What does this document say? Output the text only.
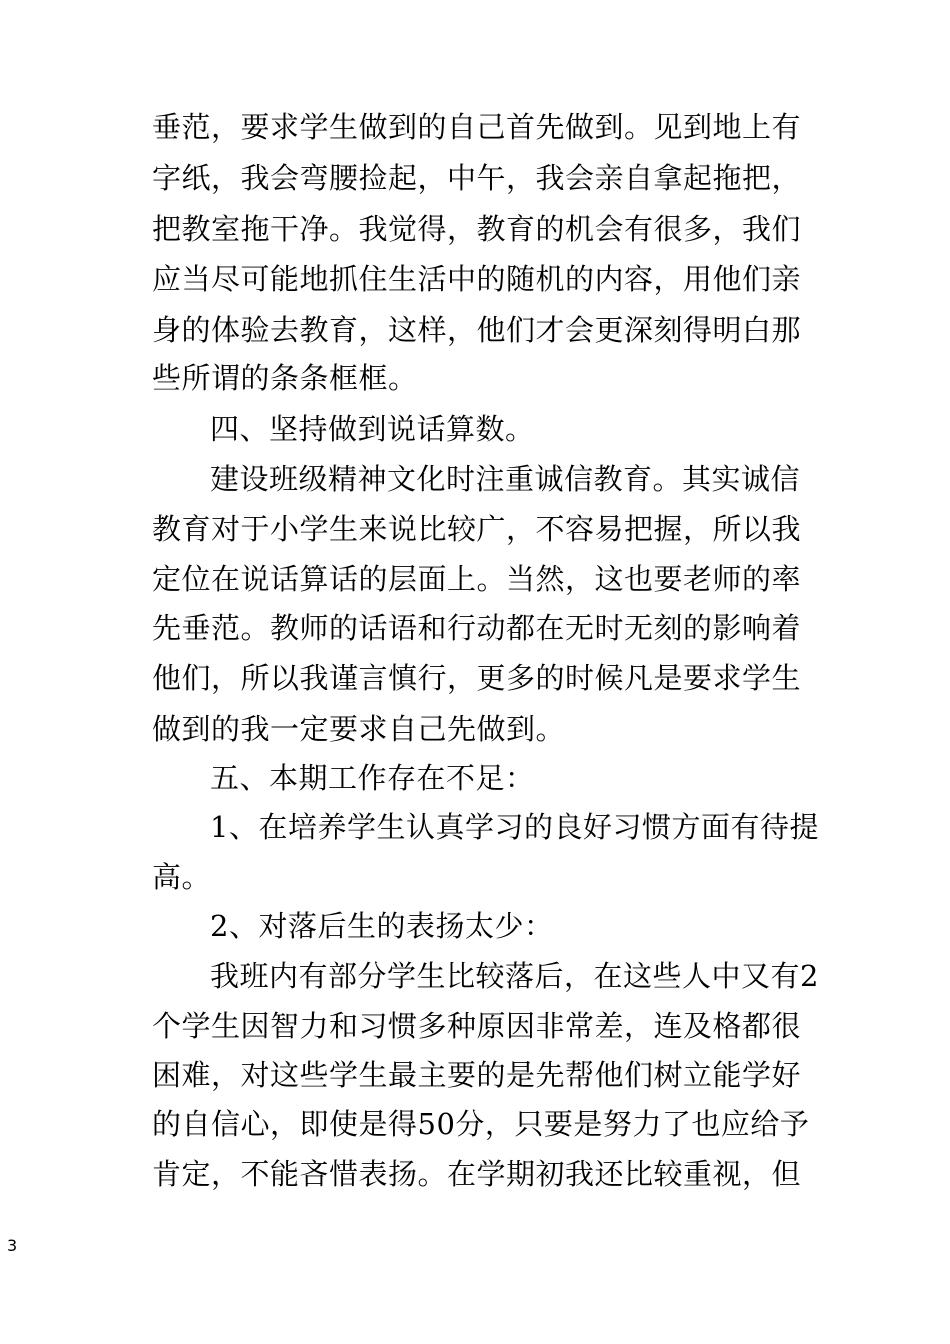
垂范，要求学生做到的自己首先做到。见到地上有
字纸，我会弯腰捡起，中午，我会亲自拿起拖把，
把教室拖干净。我觉得，教育的机会有很多，我们
应当尽可能地抓住生活中的随机的内容，用他们亲
身的体验去教育，这样，他们才会更深刻得明白那
些所谓的条条框框。
四、坚持做到说话算数。
建设班级精神文化时注重诚信教育。其实诚信
教育对于小学生来说比较广，不容易把握，所以我
定位在说话算话的层面上。当然，这也要老师的率
先垂范。教师的话语和行动都在无时无刻的影响着
他们，所以我谨言慎行，更多的时候凡是要求学生
做到的我一定要求自己先做到。
五、本期工作存在不足：
1、在培养学生认真学习的良好习惯方面有待提
高。
2、对落后生的表扬太少：
我班内有部分学生比较落后，在这些人中又有2
个学生因智力和习惯多种原因非常差，连及格都很
困难，对这些学生最主要的是先帮他们树立能学好
的自信心，即使是得50分，只要是努力了也应给予
肯定，不能吝惜表扬。在学期初我还比较重视，但
3
